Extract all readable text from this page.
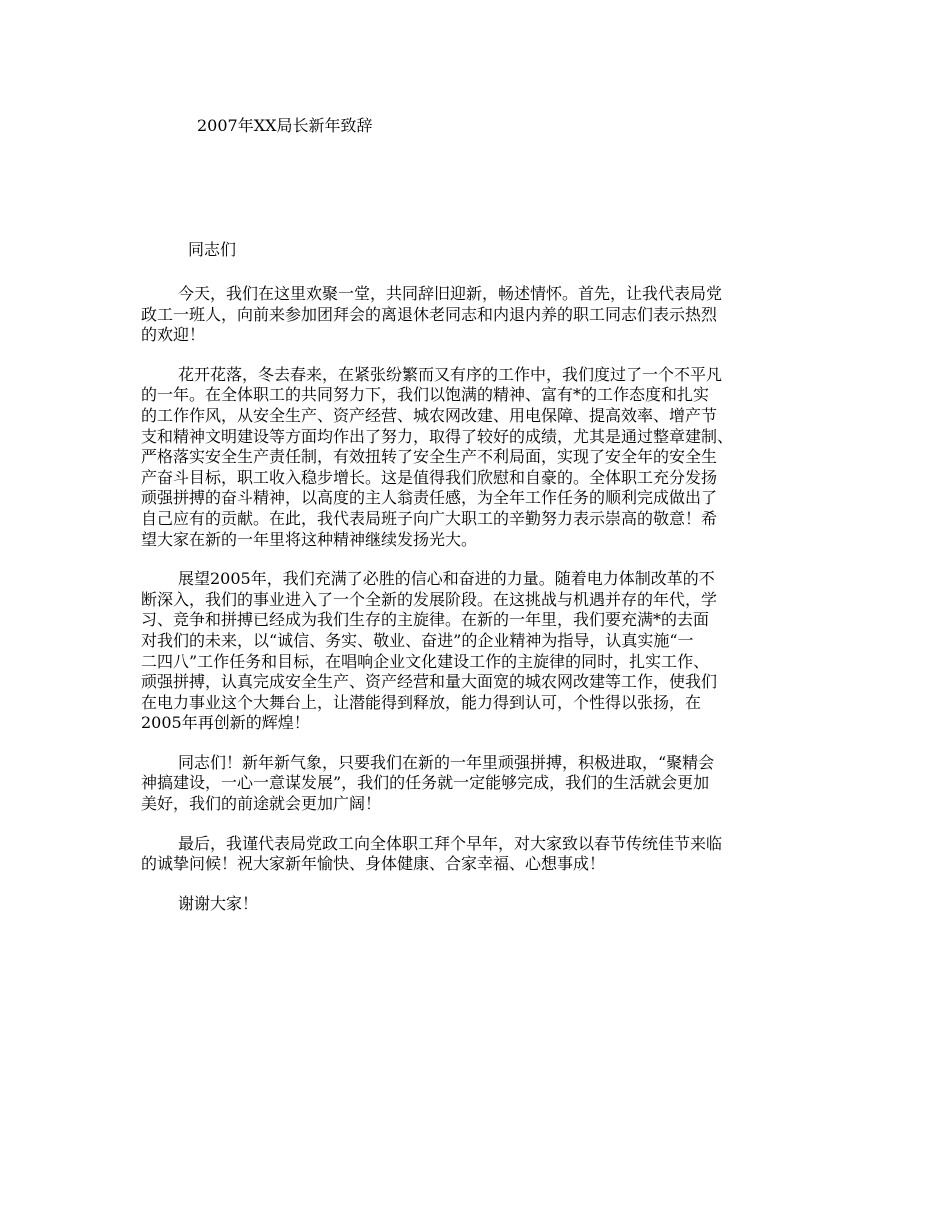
2007年XX局长新年致辞
同志们
今天，我们在这里欢聚一堂，共同辞旧迎新，畅述情怀。首先，让我代表局党
政工一班人，向前来参加团拜会的离退休老同志和内退内养的职工同志们表示热烈
的欢迎！
花开花落，冬去春来，在紧张纷繁而又有序的工作中，我们度过了一个不平凡
的一年。在全体职工的共同努力下，我们以饱满的精神、富有*的工作态度和扎实
的工作作风，从安全生产、资产经营、城农网改建、用电保障、提高效率、增产节
支和精神文明建设等方面均作出了努力，取得了较好的成绩，尤其是通过整章建制、
严格落实安全生产责任制，有效扭转了安全生产不利局面，实现了安全年的安全生
产奋斗目标，职工收入稳步增长。这是值得我们欣慰和自豪的。全体职工充分发扬
顽强拼搏的奋斗精神，以高度的主人翁责任感，为全年工作任务的顺利完成做出了
自己应有的贡献。在此，我代表局班子向广大职工的辛勤努力表示崇高的敬意！希
望大家在新的一年里将这种精神继续发扬光大。
展望2005年，我们充满了必胜的信心和奋进的力量。随着电力体制改革的不
断深入，我们的事业进入了一个全新的发展阶段。在这挑战与机遇并存的年代，学
习、竞争和拼搏已经成为我们生存的主旋律。在新的一年里，我们要充满*的去面
对我们的未来，以“诚信、务实、敬业、奋进”的企业精神为指导，认真实施“一
二四八”工作任务和目标，在唱响企业文化建设工作的主旋律的同时，扎实工作、
顽强拼搏，认真完成安全生产、资产经营和量大面宽的城农网改建等工作，使我们
在电力事业这个大舞台上，让潜能得到释放，能力得到认可，个性得以张扬，在
2005年再创新的辉煌！
同志们！新年新气象，只要我们在新的一年里顽强拼搏，积极进取，“聚精会
神搞建设，一心一意谋发展”，我们的任务就一定能够完成，我们的生活就会更加
美好，我们的前途就会更加广阔！
最后，我谨代表局党政工向全体职工拜个早年，对大家致以春节传统佳节来临
的诚挚问候！祝大家新年愉快、身体健康、合家幸福、心想事成！
谢谢大家！
